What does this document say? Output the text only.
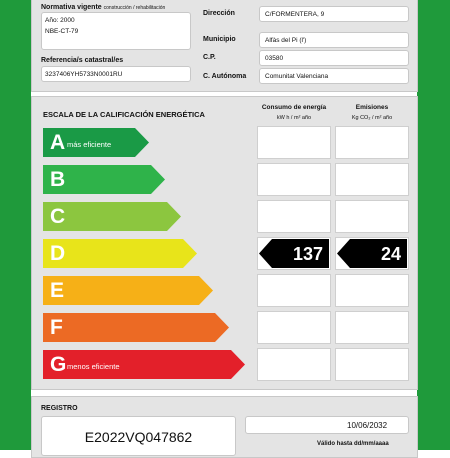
Normativa vigente construcción / rehabilitación
Año: 2000
NBE-CT-79
Referencia/s catastral/es
3237406YH5733N0001RU
Dirección	C/FORMENTERA, 9
Municipio	Alfàs del Pi (l')
C.P.	03580
C. Autónoma	Comunitat Valenciana
ESCALA DE LA CALIFICACIÓN ENERGÉTICA
Consumo de energía
kW h / m² año
Emisiones
Kg CO₂ / m² año
A más eficiente
B
C
D	137	24
E
F
G menos eficiente
REGISTRO
E2022VQ047862
10/06/2032
Válido hasta dd/mm/aaaa
